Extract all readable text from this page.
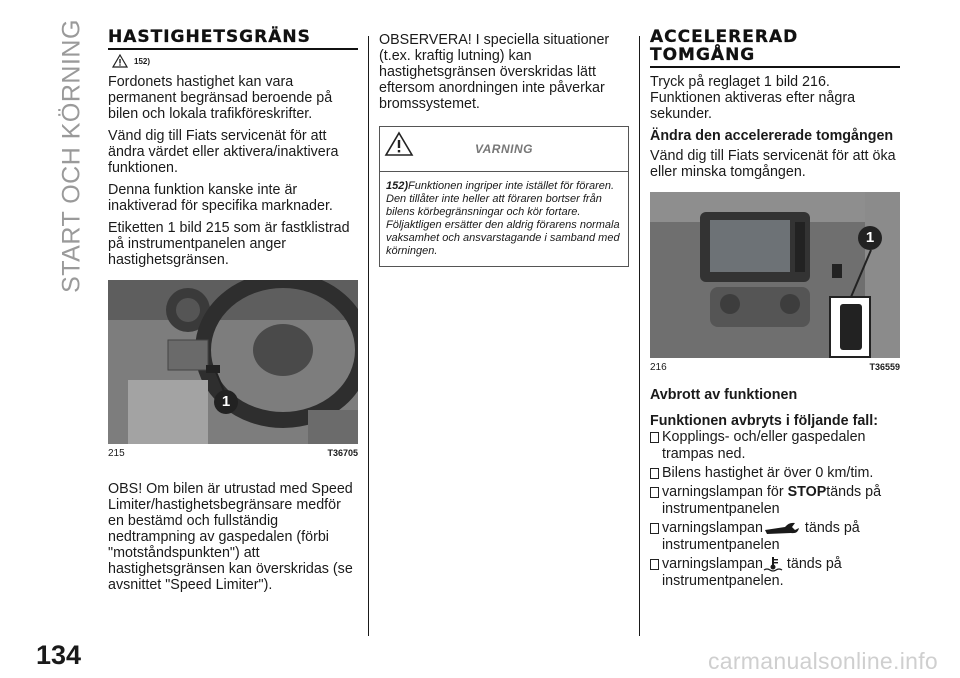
START OCH KÖRNING HASTIGHETSGRÄNS
152)

Fordonets hastighet kan vara permanent begränsad beroende på bilen och lokala trafikföreskrifter.

Vänd dig till Fiats servicenät för att ändra värdet eller aktivera/inaktivera funktionen.

Denna funktion kanske inte är inaktiverad för specifika marknader.

Etiketten 1 bild 215 som är fastklistrad på instrumentpanelen anger hastighetsgränsen.

1
215	T36705

OBS! Om bilen är utrustad med Speed Limiter/hastighetsbegränsare medför en bestämd och fullständig nedtrampning av gaspedalen (förbi "motståndspunkten") att hastighetsgränsen kan överskridas (se avsnittet "Speed Limiter").

OBSERVERA! I speciella situationer (t.ex. kraftig lutning) kan hastighetsgränsen överskridas lätt eftersom anordningen inte påverkar bromssystemet.

VARNING
152)Funktionen ingriper inte istället för föraren. Den tillåter inte heller att föraren bortser från bilens körbegränsningar och kör fortare. Följaktligen ersätter den aldrig förarens normala vaksamhet och ansvarstagande i samband med körningen.
ACCELERERAD
TOMGÅNG

Tryck på reglaget 1 bild 216. Funktionen aktiveras efter några sekunder.

Ändra den accelererade tomgången

Vänd dig till Fiats servicenät för att öka eller minska tomgången.

1
216	T36559
Avbrott av funktionen
Funktionen avbryts i följande fall:
Kopplings- och/eller gaspedalen trampas ned.
Bilens hastighet är över 0 km/tim.
varningslampan för STOPtänds på instrumentpanelen
varningslampan	tänds på instrumentpanelen
varningslampan tänds på instrumentpanelen.
134	carmanualsonline.info
